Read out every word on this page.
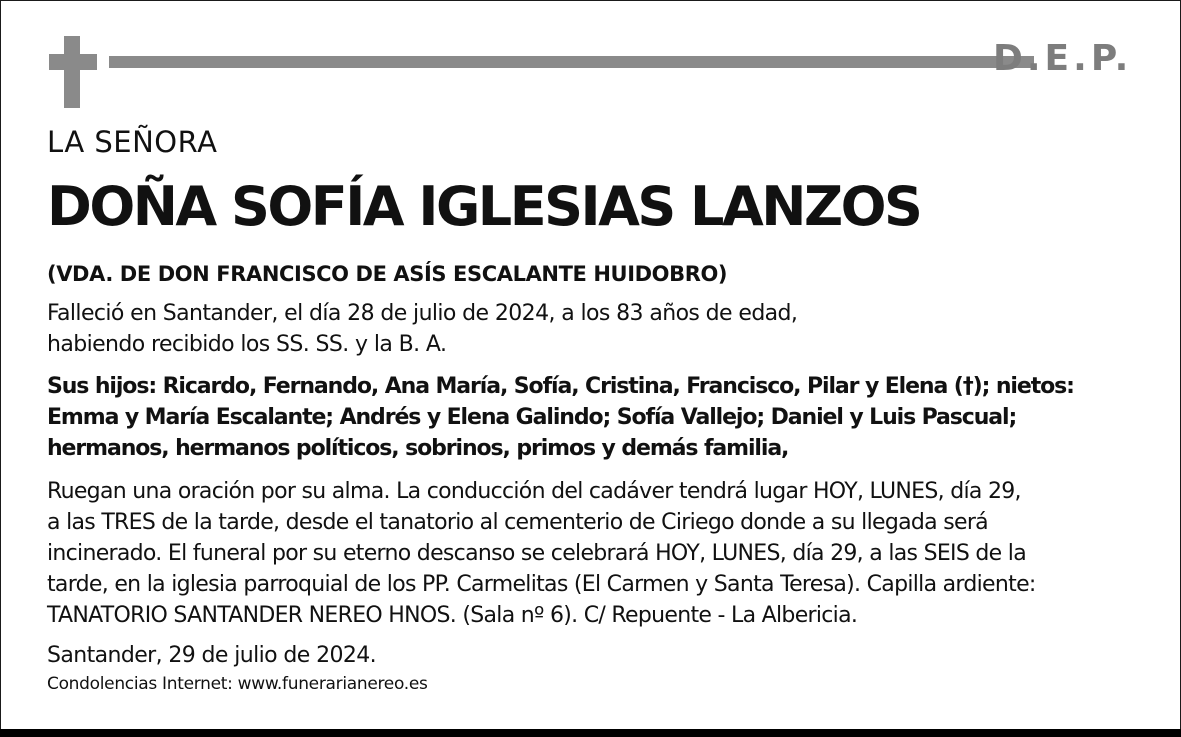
D.E.P.
LA SEÑORA
DOÑA SOFÍA IGLESIAS LANZOS
(VDA. DE DON FRANCISCO DE ASÍS ESCALANTE HUIDOBRO)
Falleció en Santander, el día 28 de julio de 2024, a los 83 años de edad,
habiendo recibido los SS. SS. y la B. A.
Sus hijos: Ricardo, Fernando, Ana María, Sofía, Cristina, Francisco, Pilar y Elena (†); nietos:
Emma y María Escalante; Andrés y Elena Galindo; Sofía Vallejo; Daniel y Luis Pascual;
hermanos, hermanos políticos, sobrinos, primos y demás familia,
Ruegan una oración por su alma. La conducción del cadáver tendrá lugar HOY, LUNES, día 29,
a las TRES de la tarde, desde el tanatorio al cementerio de Ciriego donde a su llegada será
incinerado. El funeral por su eterno descanso se celebrará HOY, LUNES, día 29, a las SEIS de la
tarde, en la iglesia parroquial de los PP. Carmelitas (El Carmen y Santa Teresa). Capilla ardiente:
TANATORIO SANTANDER NEREO HNOS. (Sala nº 6). C/ Repuente - La Albericia.
Santander, 29 de julio de 2024.
Condolencias Internet: www.funerarianereo.es
